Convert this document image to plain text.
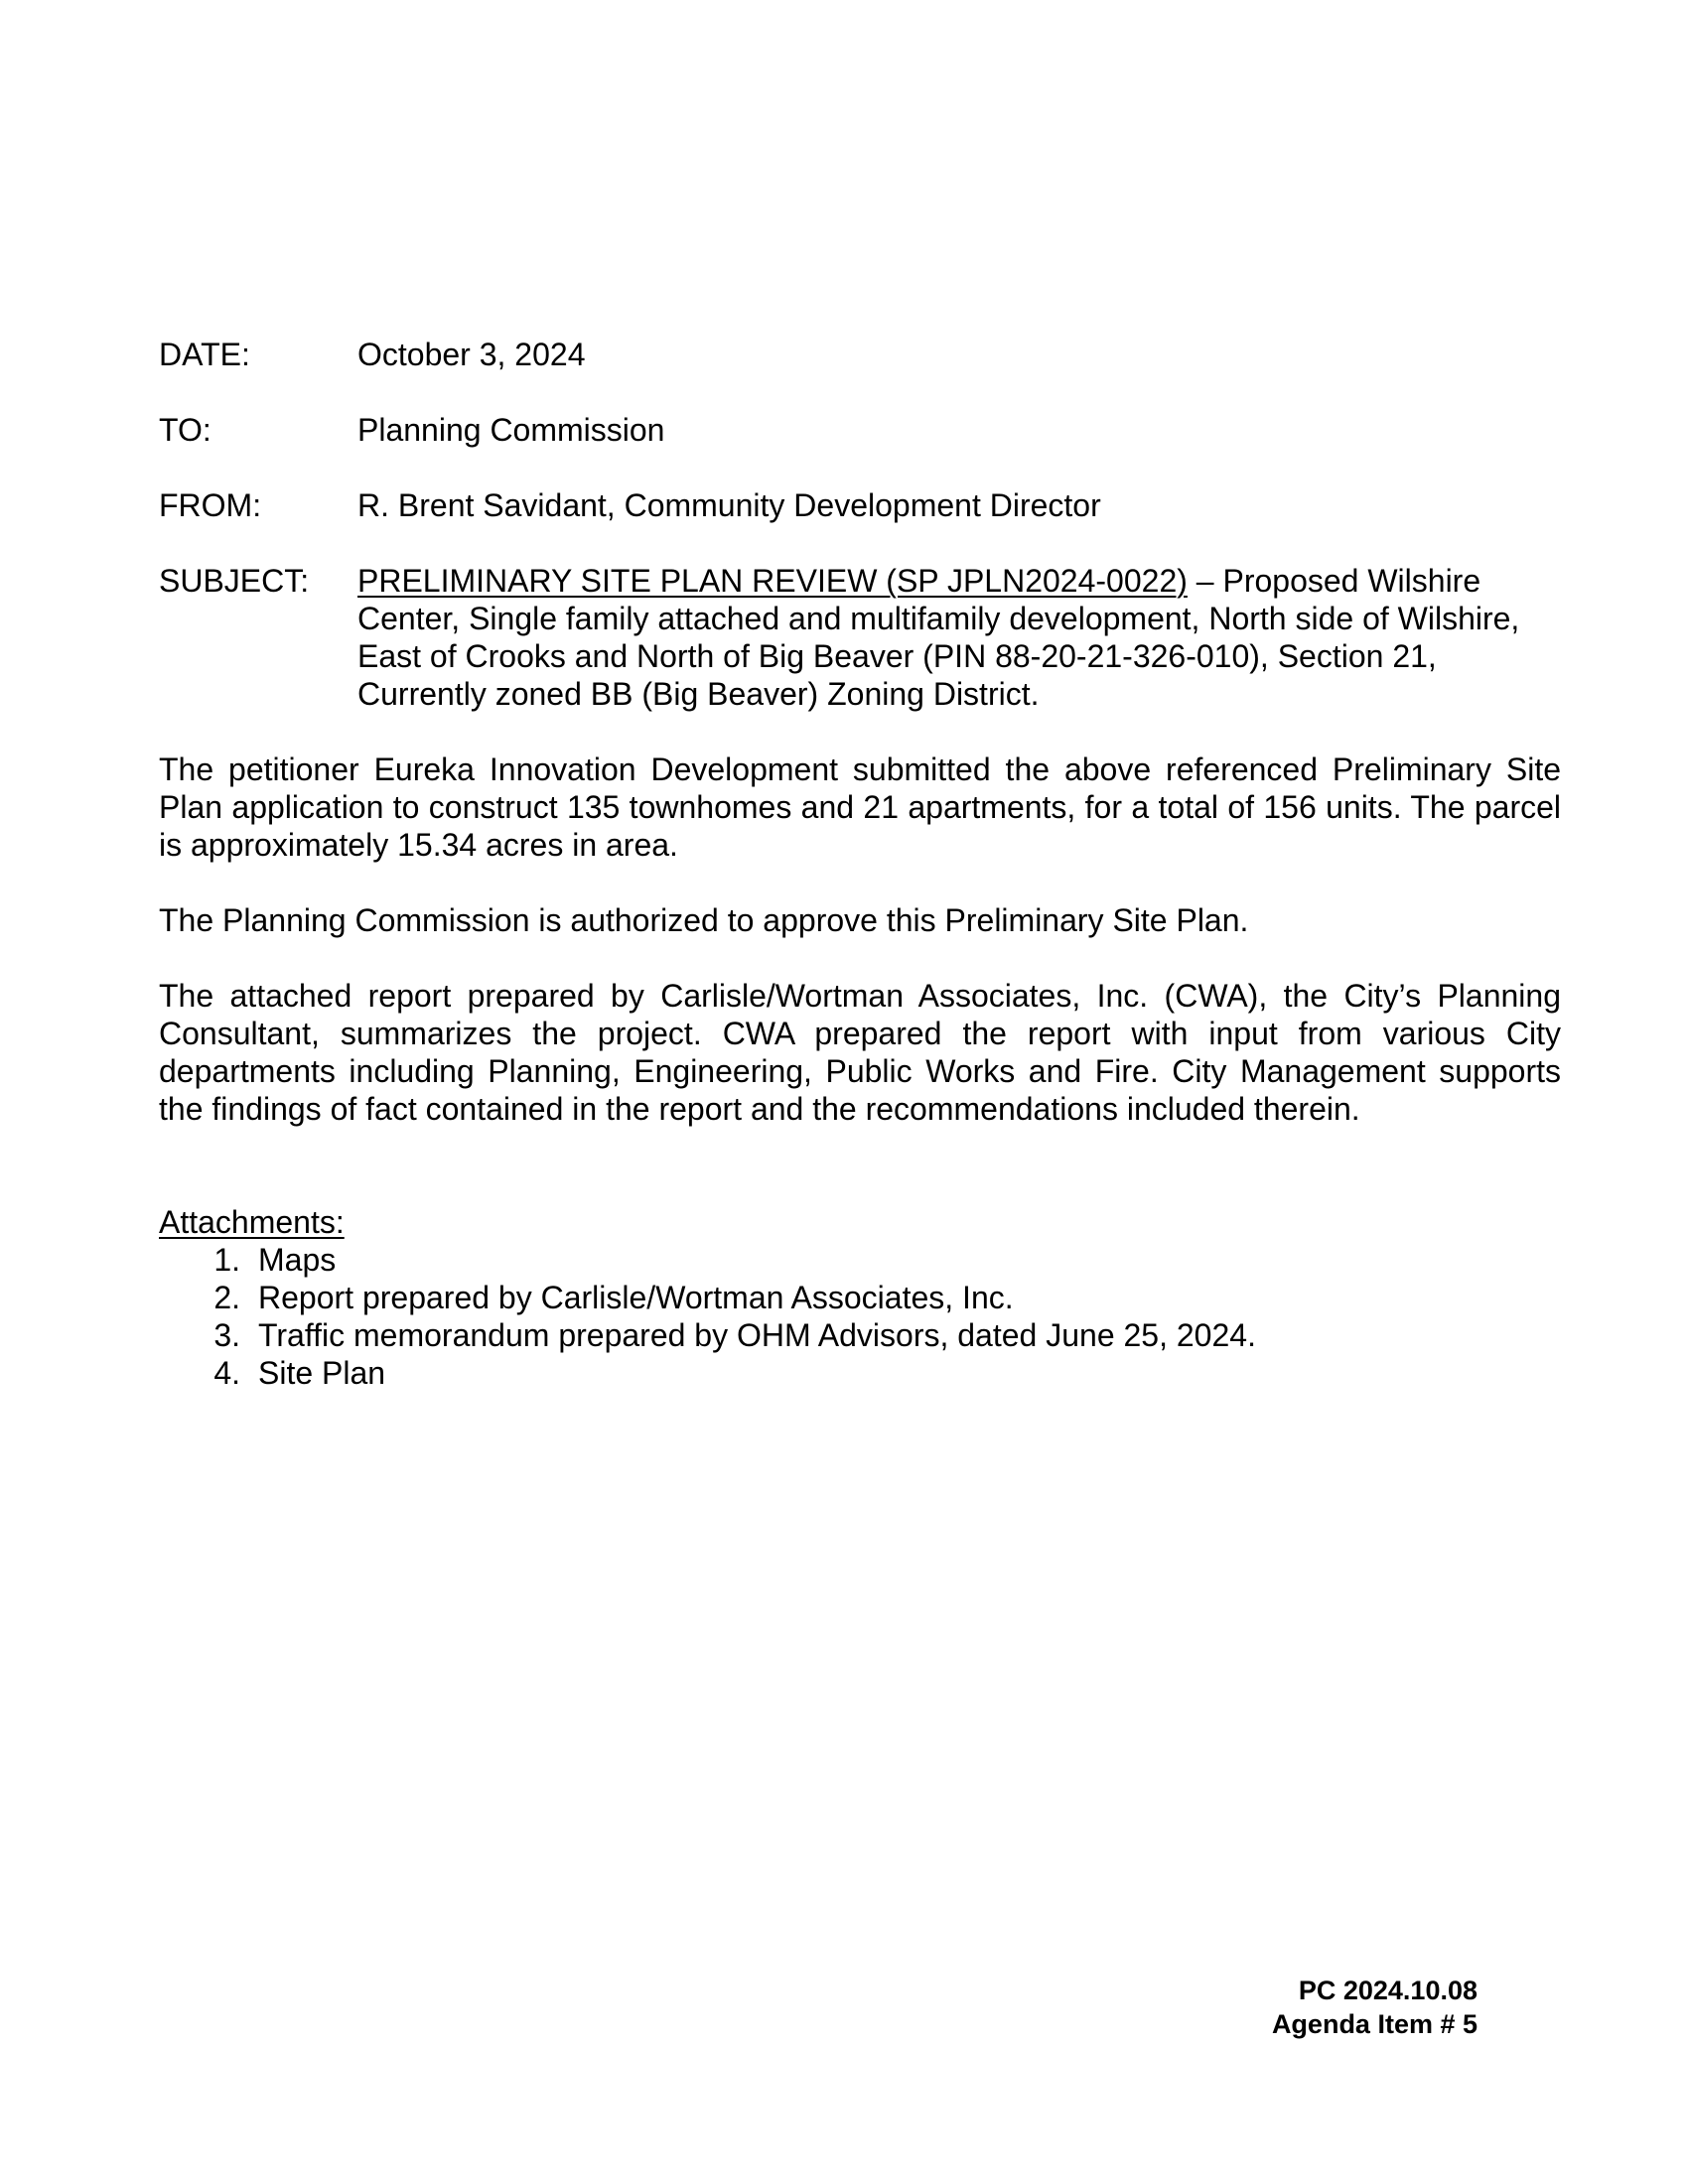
DATE:	October 3, 2024
TO:	Planning Commission
FROM:	R. Brent Savidant, Community Development Director
SUBJECT:	PRELIMINARY SITE PLAN REVIEW (SP JPLN2024-0022) – Proposed Wilshire Center, Single family attached and multifamily development, North side of Wilshire, East of Crooks and North of Big Beaver (PIN 88-20-21-326-010), Section 21, Currently zoned BB (Big Beaver) Zoning District.

The petitioner Eureka Innovation Development submitted the above referenced Preliminary Site Plan application to construct 135 townhomes and 21 apartments, for a total of 156 units. The parcel is approximately 15.34 acres in area.

The Planning Commission is authorized to approve this Preliminary Site Plan.

The attached report prepared by Carlisle/Wortman Associates, Inc. (CWA), the City’s Planning Consultant, summarizes the project. CWA prepared the report with input from various City departments including Planning, Engineering, Public Works and Fire. City Management supports the findings of fact contained in the report and the recommendations included therein.

Attachments:
1. Maps
2. Report prepared by Carlisle/Wortman Associates, Inc.
3. Traffic memorandum prepared by OHM Advisors, dated June 25, 2024.
4. Site Plan
PC 2024.10.08
Agenda Item # 5
